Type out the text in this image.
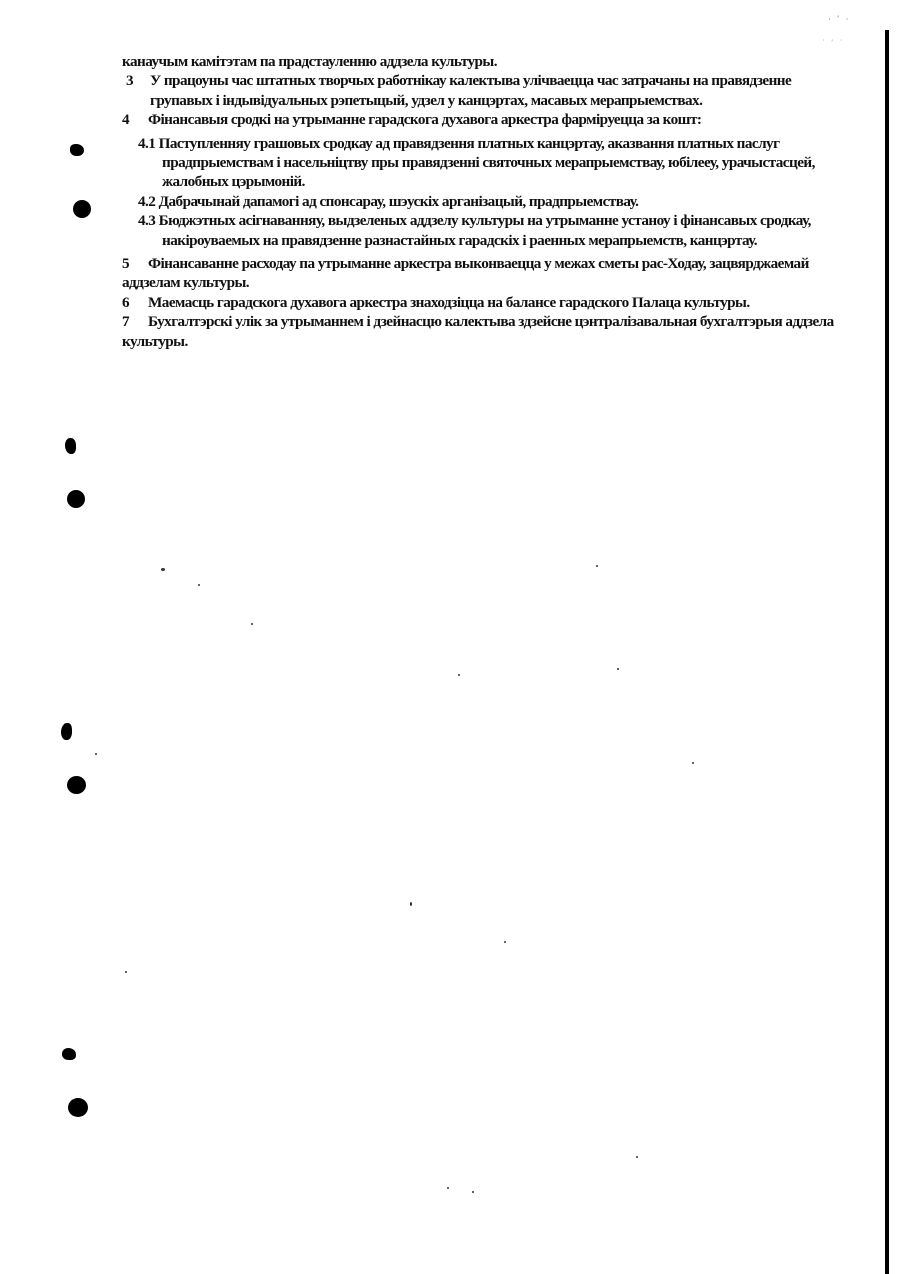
· ′ ·
˙ ′ ˙

канаучым камітэтам па прадстауленню аддзела культуры.

3 У працоуны час штатных творчых работнікау калектыва улічваецца час затрачаны на правядзенне групавых і індывідуальных рэпетыцый, удзел у канцэртах, масавых мерапрыемствах.

4 Фінансавыя сродкі на утрыманне гарадскога духавога аркестра фарміруецца за кошт:

4.1 Паступленняу грашовых сродкау ад правядзення платных канцэртау, аказвання платных паслуг прадпрыемствам і насельніцтву пры правядзенні святочных мерапрыемствау, юбілееу, урачыстасцей, жалобных цэрымоній.

4.2 Дабрачынай дапамогі ад спонсарау, шэускіх арганізацый, прадпрыемствау.

4.3 Бюджэтных асігнаванняу, выдзеленых аддзелу культуры на утрыманне устаноу і фінансавых сродкау, накіроуваемых на правядзенне разнастайных гарадскіх і раенных мерапрыемств, канцэртау.

5 Фінансаванне расходау па утрыманне аркестра выконваецца у межах сметы рас-Ходау, зацвярджаемай аддзелам культуры.

6 Маемасць гарадскога духавога аркестра знаходзіцца на балансе гарадского Палаца культуры.

7 Бухгалтэрскі улік за утрыманнем і дзейнасцю калектыва здзейсне цэнтралізавальная бухгалтэрыя аддзела культуры.
